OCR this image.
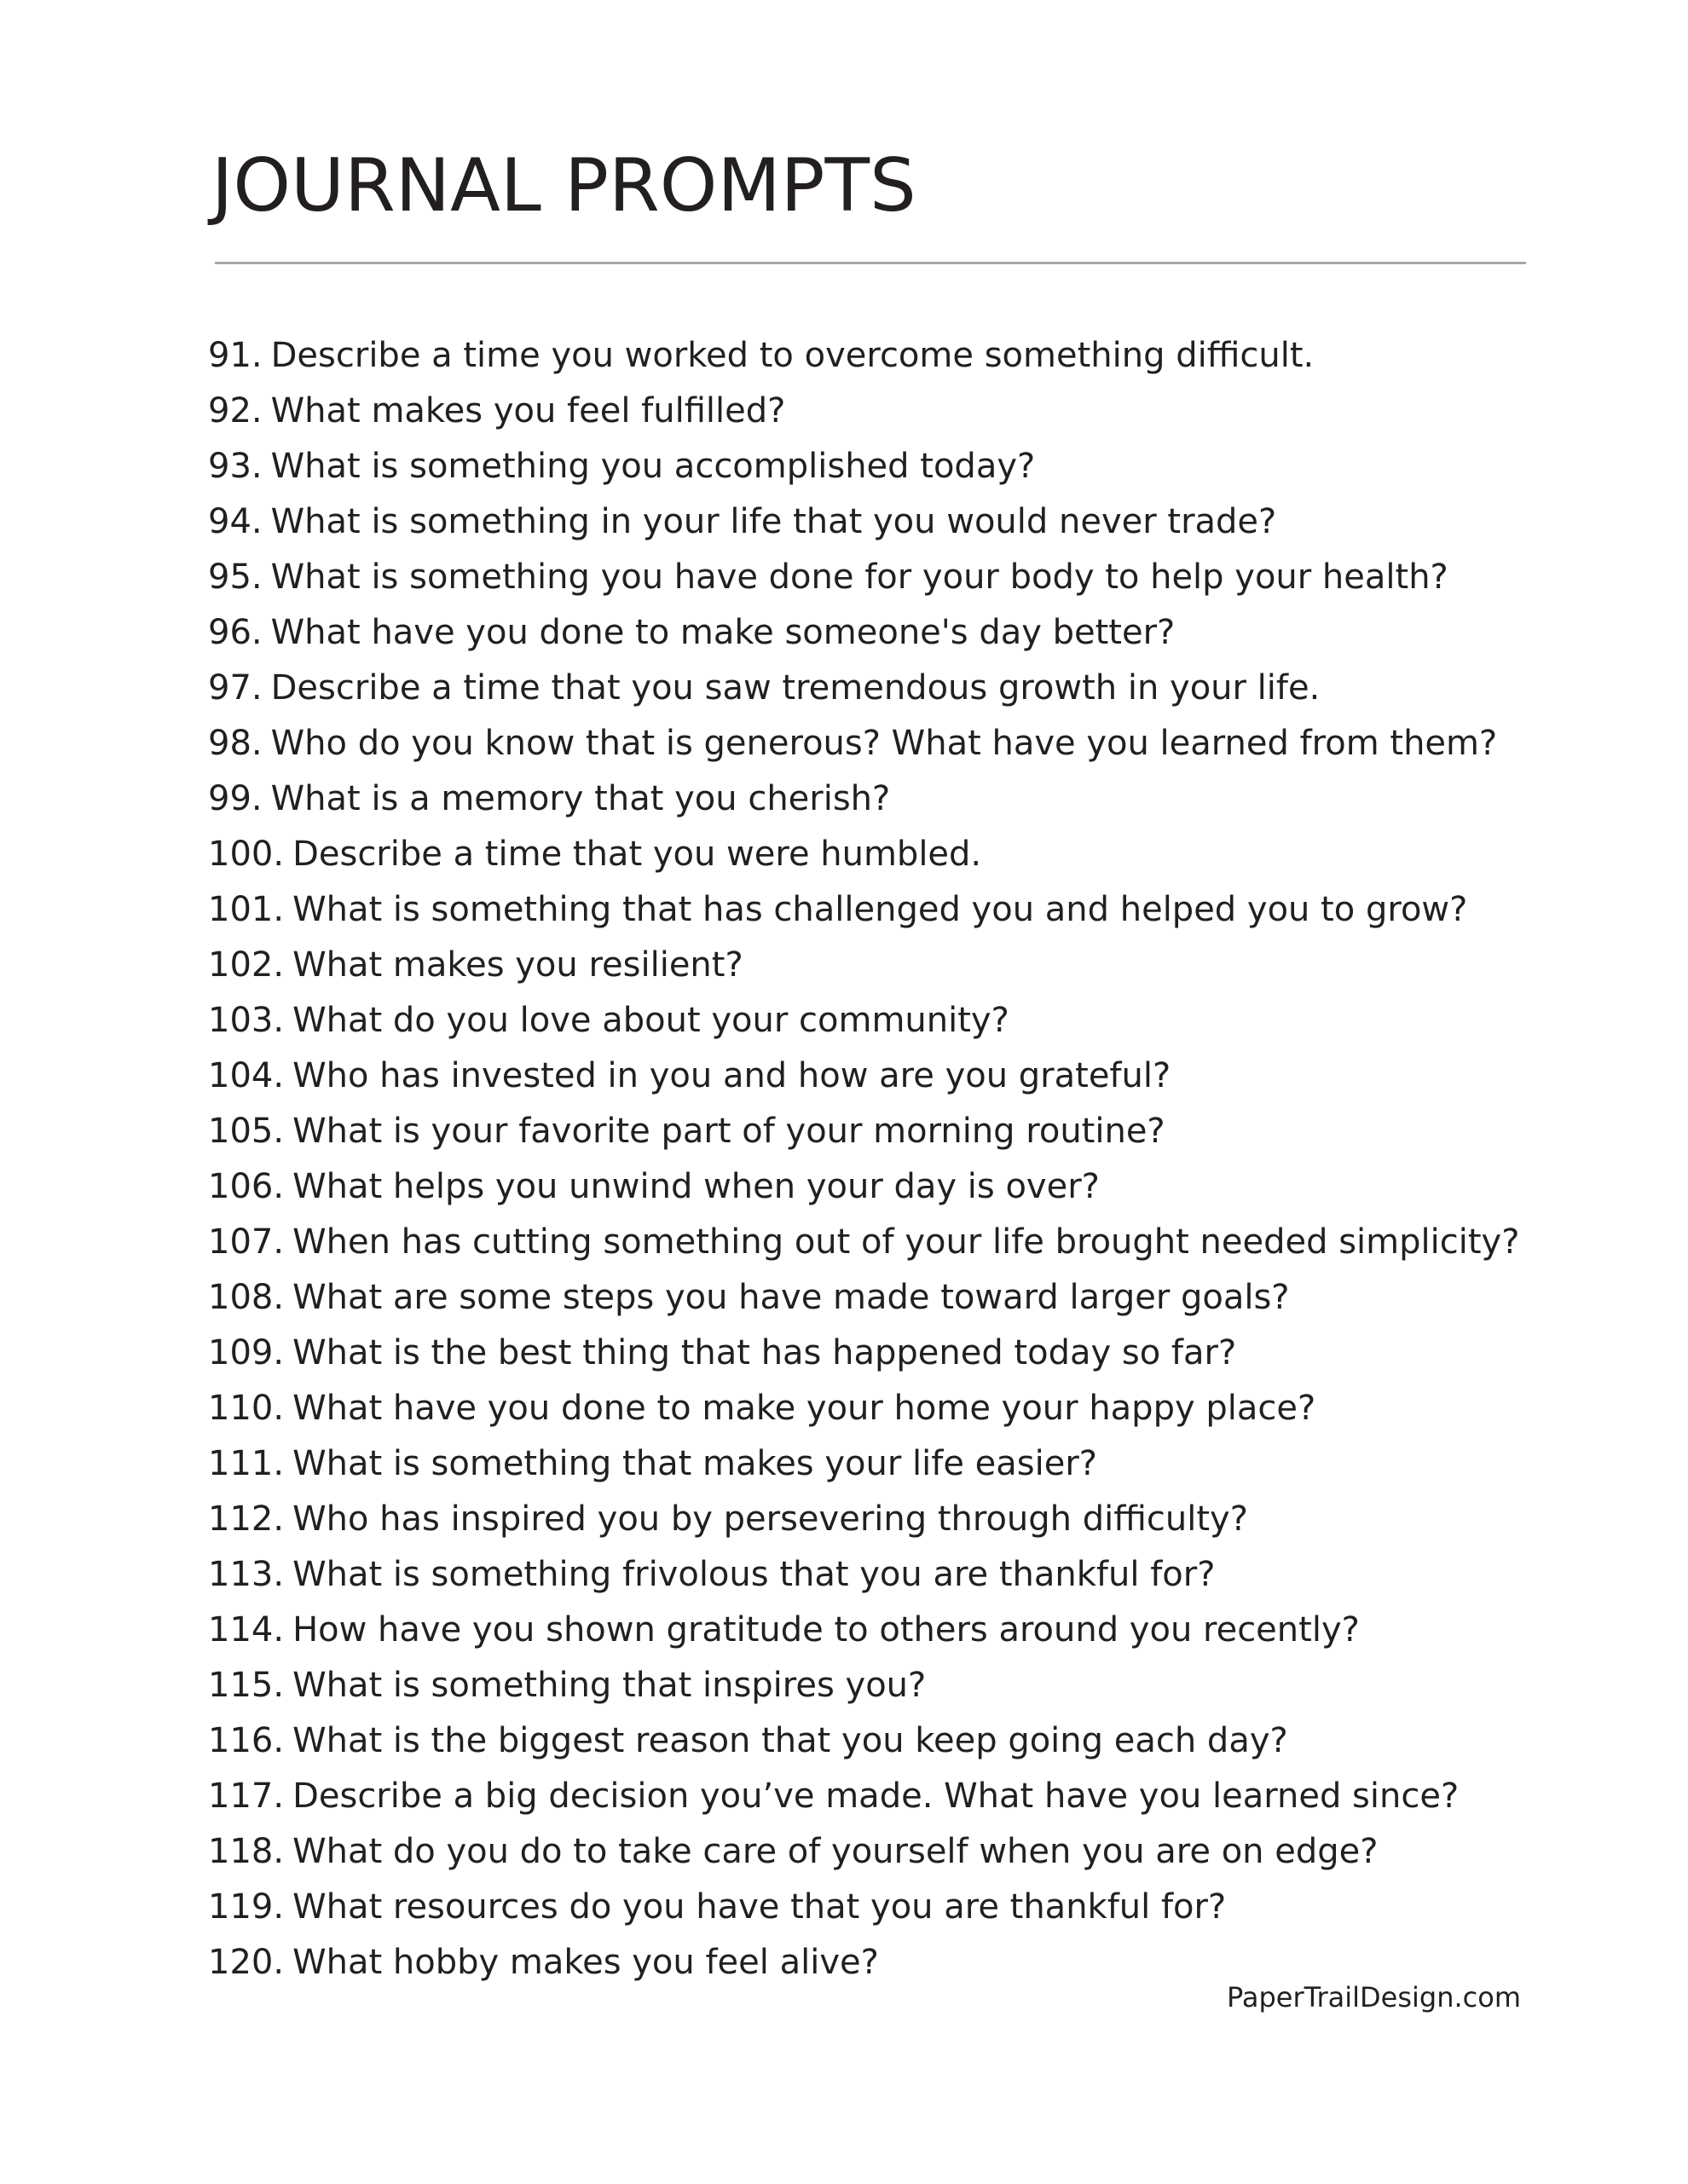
JOURNAL PROMPTS
91. Describe a time you worked to overcome something difficult.
92. What makes you feel fulfilled?
93. What is something you accomplished today?
94. What is something in your life that you would never trade?
95. What is something you have done for your body to help your health?
96. What have you done to make someone's day better?
97. Describe a time that you saw tremendous growth in your life.
98. Who do you know that is generous? What have you learned from them?
99. What is a memory that you cherish?
100. Describe a time that you were humbled.
101. What is something that has challenged you and helped you to grow?
102. What makes you resilient?
103. What do you love about your community?
104. Who has invested in you and how are you grateful?
105. What is your favorite part of your morning routine?
106. What helps you unwind when your day is over?
107. When has cutting something out of your life brought needed simplicity?
108. What are some steps you have made toward larger goals?
109. What is the best thing that has happened today so far?
110. What have you done to make your home your happy place?
111. What is something that makes your life easier?
112. Who has inspired you by persevering through difficulty?
113. What is something frivolous that you are thankful for?
114. How have you shown gratitude to others around you recently?
115. What is something that inspires you?
116. What is the biggest reason that you keep going each day?
117. Describe a big decision you’ve made. What have you learned since?
118. What do you do to take care of yourself when you are on edge?
119. What resources do you have that you are thankful for?
120. What hobby makes you feel alive?
PaperTrailDesign.com
